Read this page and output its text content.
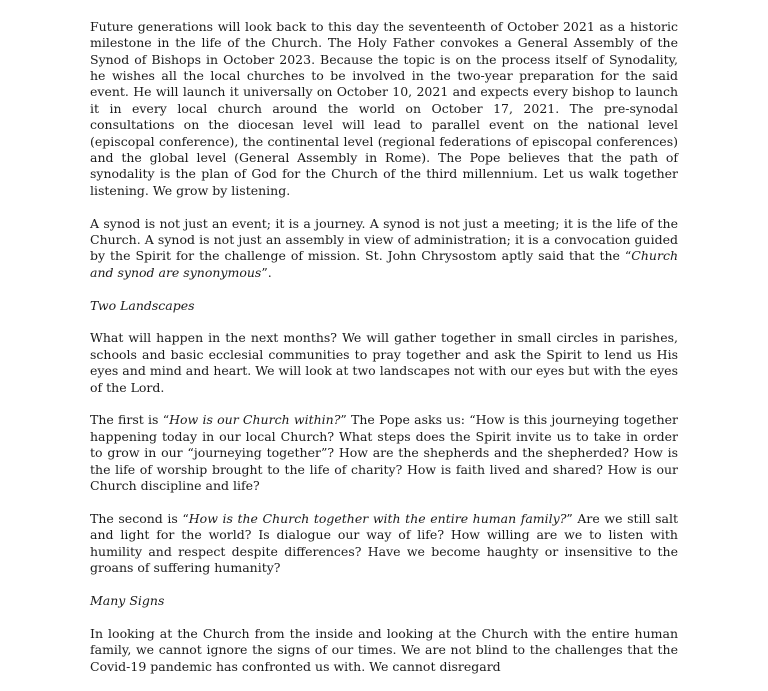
Future generations will look back to this day the seventeenth of October 2021 as a historic milestone in the life of the Church. The Holy Father convokes a General Assembly of the Synod of Bishops in October 2023. Because the topic is on the process itself of Synodality, he wishes all the local churches to be involved in the two-year preparation for the said event. He will launch it universally on October 10, 2021 and expects every bishop to launch it in every local church around the world on October 17, 2021. The pre-synodal consultations on the diocesan level will lead to parallel event on the national level (episcopal conference), the continental level (regional federations of episcopal conferences) and the global level (General Assembly in Rome). The Pope believes that the path of synodality is the plan of God for the Church of the third millennium. Let us walk together listening. We grow by listening.

A synod is not just an event; it is a journey. A synod is not just a meeting; it is the life of the Church. A synod is not just an assembly in view of administration; it is a convocation guided by the Spirit for the challenge of mission. St. John Chrysostom aptly said that the “Church and synod are synonymous”.

Two Landscapes

What will happen in the next months? We will gather together in small circles in parishes, schools and basic ecclesial communities to pray together and ask the Spirit to lend us His eyes and mind and heart. We will look at two landscapes not with our eyes but with the eyes of the Lord.

The first is “How is our Church within?” The Pope asks us: “How is this journeying together happening today in our local Church? What steps does the Spirit invite us to take in order to grow in our “journeying together”? How are the shepherds and the shepherded? How is the life of worship brought to the life of charity? How is faith lived and shared? How is our Church discipline and life?

The second is “How is the Church together with the entire human family?” Are we still salt and light for the world? Is dialogue our way of life? How willing are we to listen with humility and respect despite differences? Have we become haughty or insensitive to the groans of suffering humanity?

Many Signs

In looking at the Church from the inside and looking at the Church with the entire human family, we cannot ignore the signs of our times. We are not blind to the challenges that the Covid-19 pandemic has confronted us with. We cannot disregard
